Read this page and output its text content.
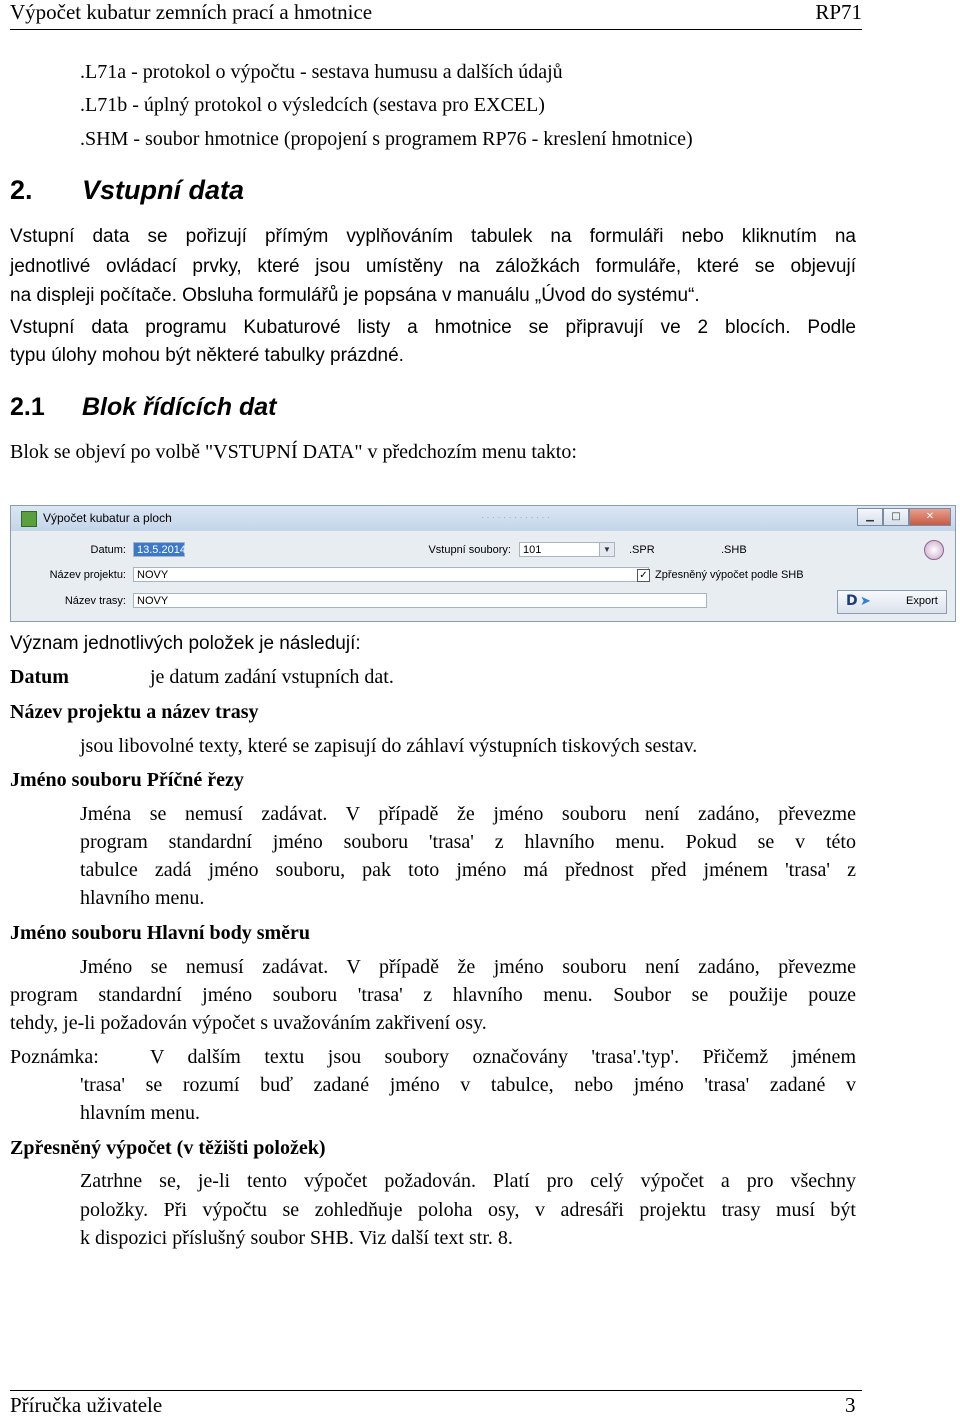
Výpočet kubatur zemních prací a hmotnice	RP71
.L71a - protokol o výpočtu - sestava humusu a dalších údajů
.L71b - úplný protokol o výsledcích (sestava pro EXCEL)
.SHM - soubor hmotnice (propojení s programem RP76 - kreslení hmotnice)
2. Vstupní data
Vstupní data se pořizují přímým vyplňováním tabulek na formuláři nebo kliknutím na
jednotlivé ovládací prvky, které jsou umístěny na záložkách formuláře, které se objevují
na displeji počítače. Obsluha formulářů je popsána v manuálu „Úvod do systému“.
Vstupní data programu Kubaturové listy a hmotnice se připravují ve 2 blocích. Podle
typu úlohy mohou být některé tabulky prázdné.
2.1 Blok řídících dat
Blok se objeví po volbě "VSTUPNÍ DATA" v předchozím menu takto:
Výpočet kubatur a ploch	· · · · · · · · · · · · ·	▁	□	✕
Datum:	13.5.2014
Název projektu:	NOVY
Název trasy:	NOVY
Vstupní soubory:	101	▼	.SPR	.SHB
✓ Zpřesněný výpočet podle SHB
D ➤	Export
Význam jednotlivých položek je následují:
Datum	je datum zadání vstupních dat.
Název projektu a název trasy
jsou libovolné texty, které se zapisují do záhlaví výstupních tiskových sestav.
Jméno souboru Příčné řezy
Jména se nemusí zadávat. V případě že jméno souboru není zadáno, převezme
program standardní jméno souboru 'trasa' z hlavního menu. Pokud se v této
tabulce zadá jméno souboru, pak toto jméno má přednost před jménem 'trasa' z
hlavního menu.
Jméno souboru Hlavní body směru
Jméno se nemusí zadávat. V případě že jméno souboru není zadáno, převezme
program standardní jméno souboru 'trasa' z hlavního menu. Soubor se použije pouze
tehdy, je-li požadován výpočet s uvažováním zakřivení osy.
Poznámka:	V dalším textu jsou soubory označovány 'trasa'.'typ'. Přičemž jménem
'trasa' se rozumí buď zadané jméno v tabulce, nebo jméno 'trasa' zadané v
hlavním menu.
Zpřesněný výpočet (v těžišti položek)
Zatrhne se, je-li tento výpočet požadován. Platí pro celý výpočet a pro všechny
položky. Při výpočtu se zohledňuje poloha osy, v adresáři projektu trasy musí být
k dispozici příslušný soubor SHB. Viz další text str. 8.
Příručka uživatele	3
